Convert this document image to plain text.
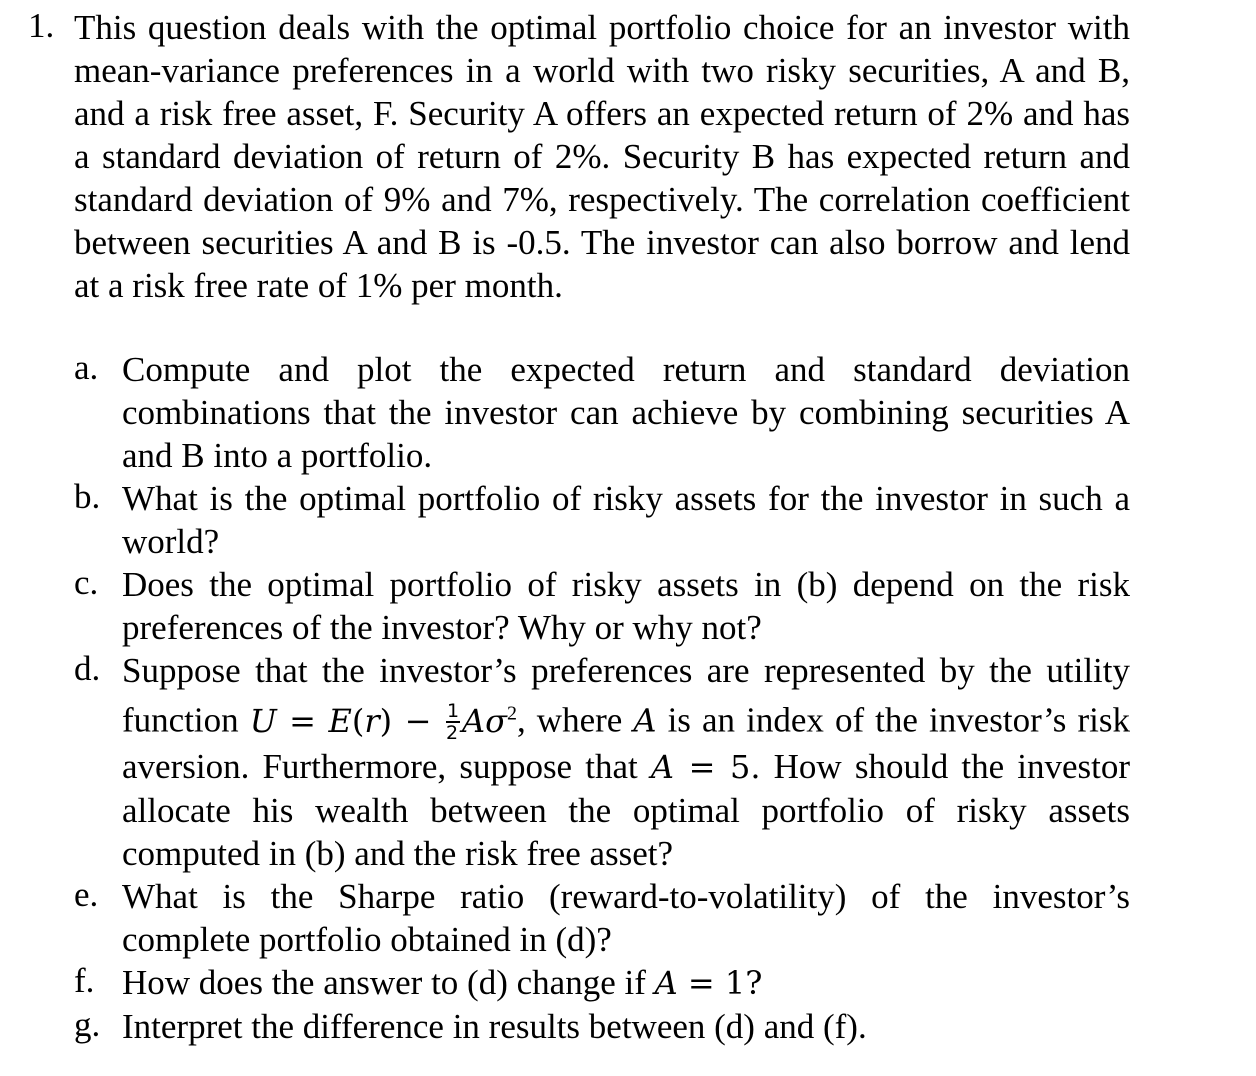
1. This question deals with the optimal portfolio choice for an investor with mean-variance preferences in a world with two risky securities, A and B, and a risk free asset, F. Security A offers an expected return of 2% and has a standard deviation of return of 2%. Security B has expected return and standard deviation of 9% and 7%, respectively. The correlation coefficient between securities A and B is -0.5. The investor can also borrow and lend at a risk free rate of 1% per month.
a. Compute and plot the expected return and standard deviation combinations that the investor can achieve by combining securities A and B into a portfolio.
b. What is the optimal portfolio of risky assets for the investor in such a world?
c. Does the optimal portfolio of risky assets in (b) depend on the risk preferences of the investor? Why or why not?
d. Suppose that the investor’s preferences are represented by the utility function $U = E(r) - \frac{1}{2} A\sigma^2$, where A is an index of the investor’s risk aversion. Furthermore, suppose that A = 5. How should the investor allocate his wealth between the optimal portfolio of risky assets computed in (b) and the risk free asset?
e. What is the Sharpe ratio (reward-to-volatility) of the investor’s complete portfolio obtained in (d)?
f. How does the answer to (d) change if A = 1?
g. Interpret the difference in results between (d) and (f).
